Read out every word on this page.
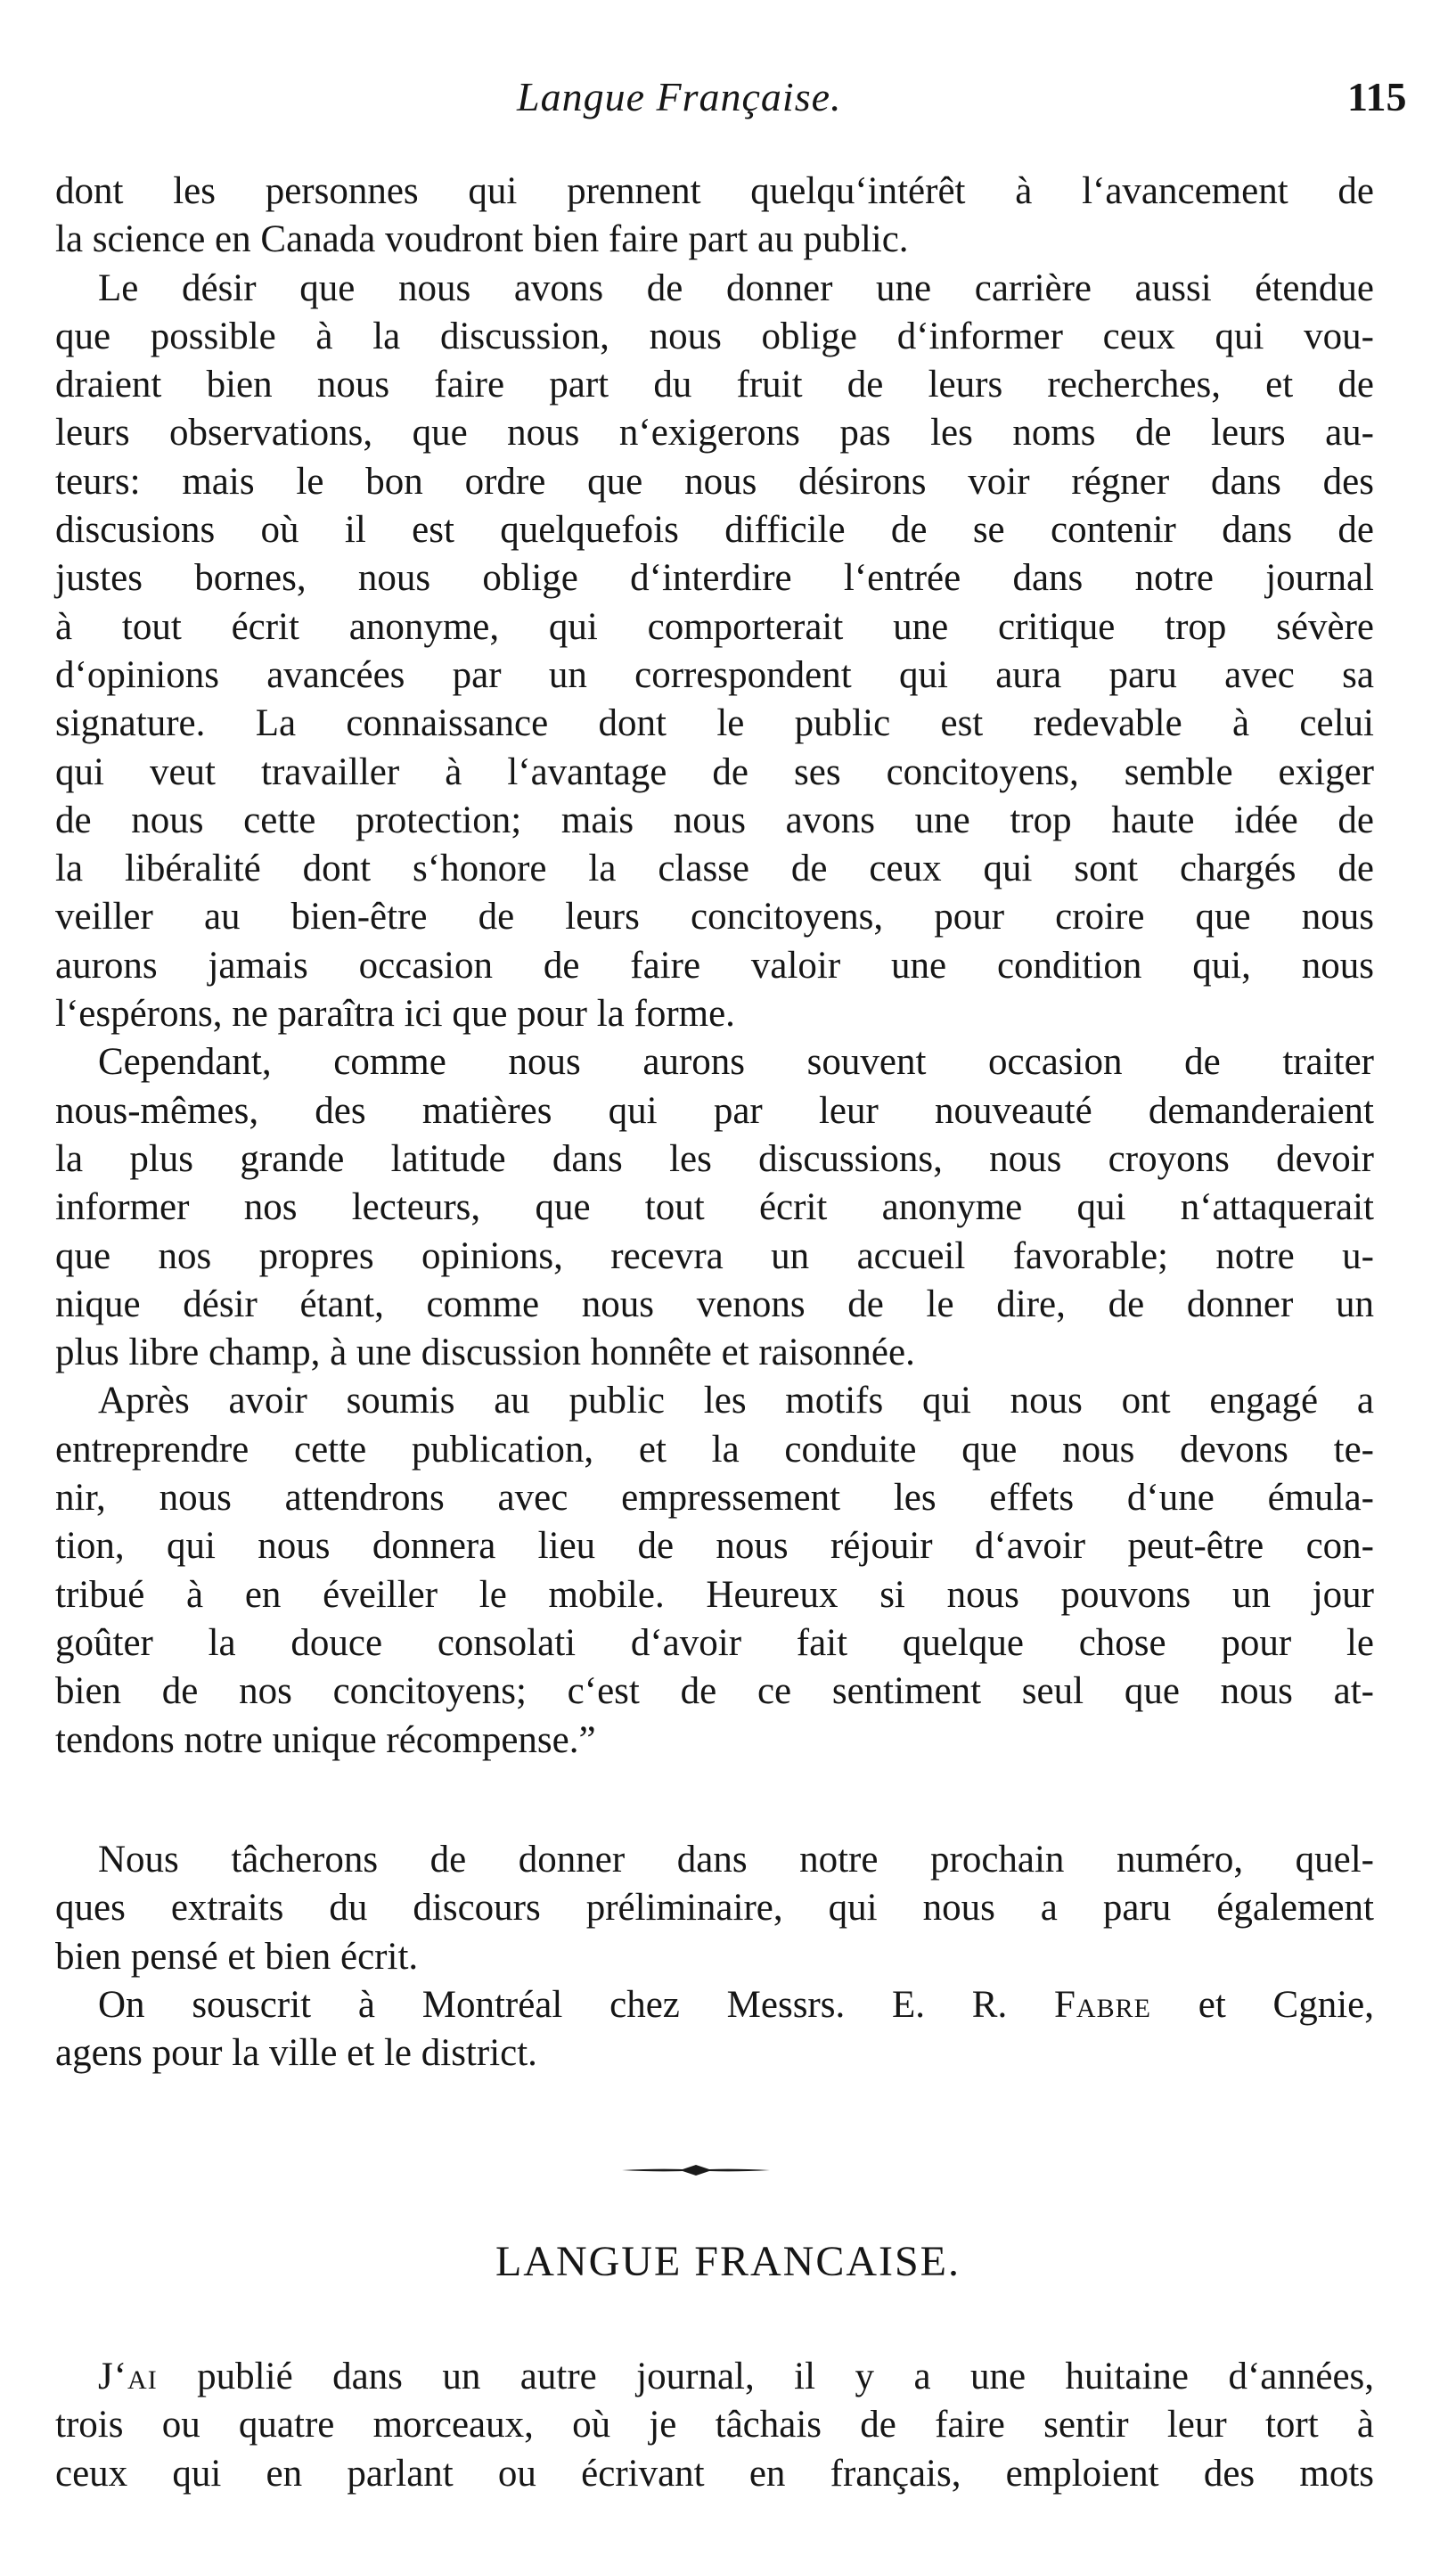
Langue Française.	115
dont les personnes qui prennent quelqu‘intérêt à l‘avancement de
la science en Canada voudront bien faire part au public.
Le désir que nous avons de donner une carrière aussi étendue
que possible à la discussion, nous oblige d‘informer ceux qui vou-
draient bien nous faire part du fruit de leurs recherches, et de
leurs observations, que nous n‘exigerons pas les noms de leurs au-
teurs: mais le bon ordre que nous désirons voir régner dans des
discusions où il est quelquefois difficile de se contenir dans de
justes bornes, nous oblige d‘interdire l‘entrée dans notre journal
à tout écrit anonyme, qui comporterait une critique trop sévère
d‘opinions avancées par un correspondent qui aura paru avec sa
signature. La connaissance dont le public est redevable à celui
qui veut travailler à l‘avantage de ses concitoyens, semble exiger
de nous cette protection; mais nous avons une trop haute idée de
la libéralité dont s‘honore la classe de ceux qui sont chargés de
veiller au bien-être de leurs concitoyens, pour croire que nous
aurons jamais occasion de faire valoir une condition qui, nous
l‘espérons, ne paraîtra ici que pour la forme.
Cependant, comme nous aurons souvent occasion de traiter
nous-mêmes, des matières qui par leur nouveauté demanderaient
la plus grande latitude dans les discussions, nous croyons devoir
informer nos lecteurs, que tout écrit anonyme qui n‘attaquerait
que nos propres opinions, recevra un accueil favorable; notre u-
nique désir étant, comme nous venons de le dire, de donner un
plus libre champ, à une discussion honnête et raisonnée.
Après avoir soumis au public les motifs qui nous ont engagé a
entreprendre cette publication, et la conduite que nous devons te-
nir, nous attendrons avec empressement les effets d‘une émula-
tion, qui nous donnera lieu de nous réjouir d‘avoir peut-être con-
tribué à en éveiller le mobile. Heureux si nous pouvons un jour
goûter la douce consolati d‘avoir fait quelque chose pour le
bien de nos concitoyens; c‘est de ce sentiment seul que nous at-
tendons notre unique récompense.”
Nous tâcherons de donner dans notre prochain numéro, quel-
ques extraits du discours préliminaire, qui nous a paru également
bien pensé et bien écrit.
On souscrit à Montréal chez Messrs. E. R. Fabre et Cgnie,
agens pour la ville et le district.
LANGUE FRANCAISE.
J‘ai publié dans un autre journal, il y a une huitaine d‘années,
trois ou quatre morceaux, où je tâchais de faire sentir leur tort à
ceux qui en parlant ou écrivant en français, emploient des mots
